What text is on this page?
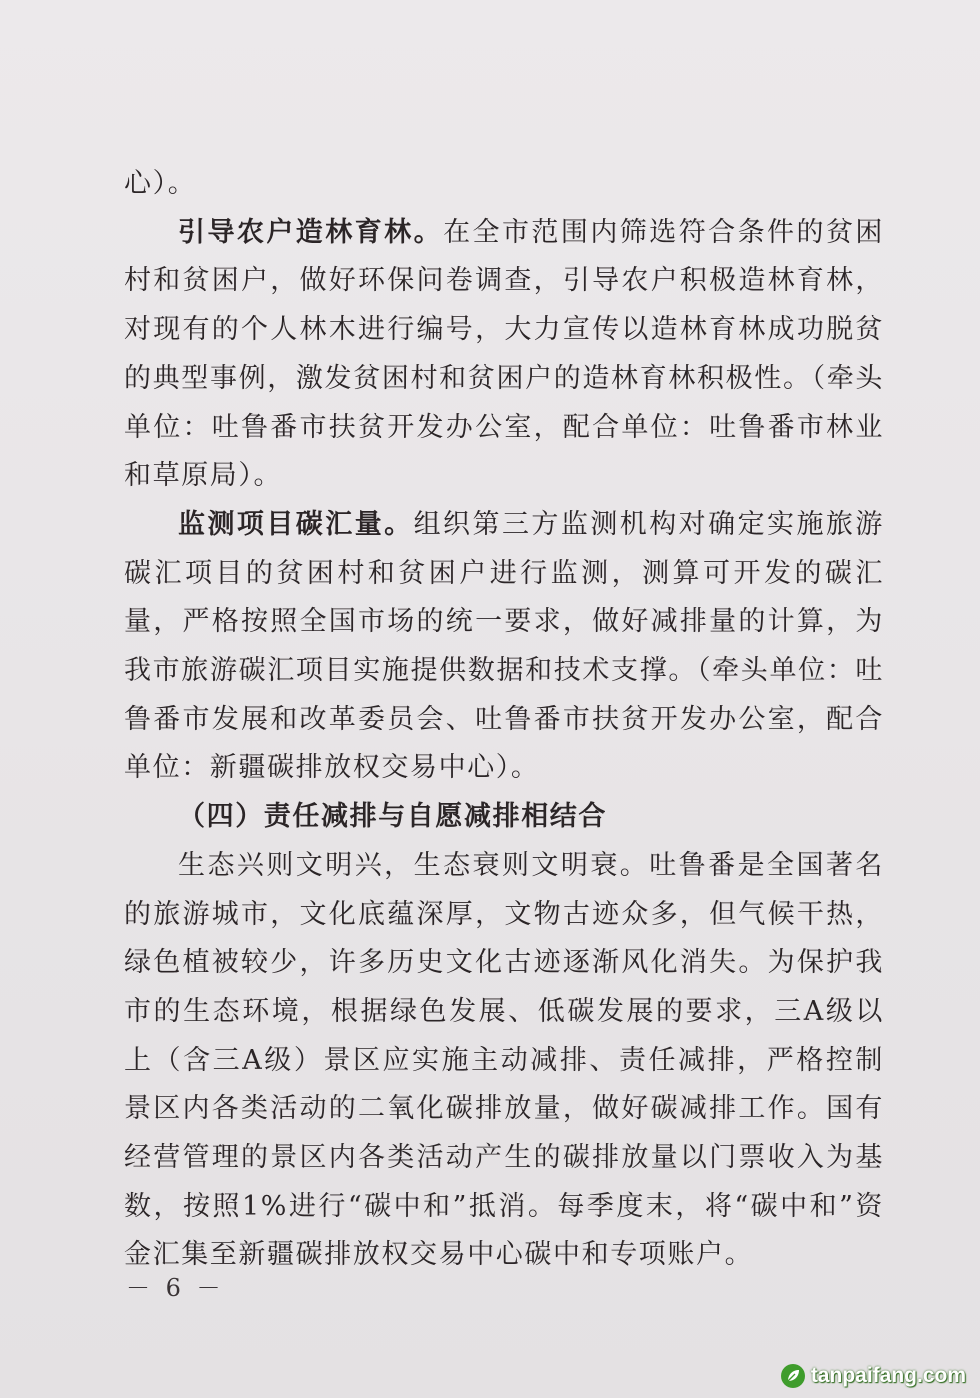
心）。

引导农户造林育林。在全市范围内筛选符合条件的贫困村和贫困户，做好环保问卷调查，引导农户积极造林育林，对现有的个人林木进行编号，大力宣传以造林育林成功脱贫的典型事例，激发贫困村和贫困户的造林育林积极性。（牵头单位：吐鲁番市扶贫开发办公室，配合单位：吐鲁番市林业和草原局）。

监测项目碳汇量。组织第三方监测机构对确定实施旅游碳汇项目的贫困村和贫困户进行监测，测算可开发的碳汇量，严格按照全国市场的统一要求，做好减排量的计算，为我市旅游碳汇项目实施提供数据和技术支撑。（牵头单位：吐鲁番市发展和改革委员会、吐鲁番市扶贫开发办公室，配合单位：新疆碳排放权交易中心）。

（四）责任减排与自愿减排相结合

生态兴则文明兴，生态衰则文明衰。吐鲁番是全国著名的旅游城市，文化底蕴深厚，文物古迹众多，但气候干热，绿色植被较少，许多历史文化古迹逐渐风化消失。为保护我市的生态环境，根据绿色发展、低碳发展的要求，三A级以上（含三A级）景区应实施主动减排、责任减排，严格控制景区内各类活动的二氧化碳排放量，做好碳减排工作。国有经营管理的景区内各类活动产生的碳排放量以门票收入为基数，按照1%进行“碳中和”抵消。每季度末，将“碳中和”资金汇集至新疆碳排放权交易中心碳中和专项账户。

－ 6 －
tanpaifang.com
